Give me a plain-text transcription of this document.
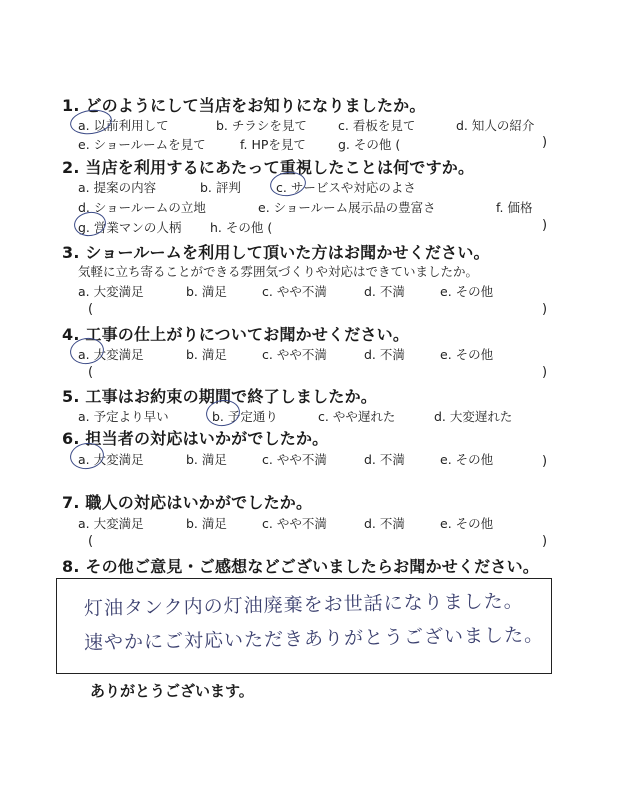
1. どのようにして当店をお知りになりましたか。
a. 以前利用して	b. チラシを見て c. 看板を見て	d. 知人の紹介
e. ショールームを見て	f. HPを見て	g. その他 (	)
2. 当店を利用するにあたって重視したことは何ですか。
a. 提案の内容	b. 評判	c. サービスや対応のよさ
d. ショールームの立地	e. ショールーム展示品の豊富さ	f. 価格
g. 営業マンの人柄 h. その他 (	)
3. ショールームを利用して頂いた方はお聞かせください。
気軽に立ち寄ることができる雰囲気づくりや対応はできていましたか。
a. 大変満足	b. 満足	c. やや不満	d. 不満	e. その他
(	)
4. 工事の仕上がりについてお聞かせください。
a. 大変満足	b. 満足	c. やや不満	d. 不満	e. その他
(	)
5. 工事はお約束の期間で終了しましたか。
a. 予定より早い	b. 予定通り	c. やや遅れた	d. 大変遅れた
6. 担当者の対応はいかがでしたか。
a. 大変満足	b. 満足	c. やや不満	d. 不満	e. その他	)
7. 職人の対応はいかがでしたか。
a. 大変満足	b. 満足	c. やや不満	d. 不満	e. その他
(	)
8. その他ご意見・ご感想などございましたらお聞かせください。
灯油タンク内の灯油廃棄をお世話になりました。
速やかにご対応いただきありがとうございました。
ありがとうございます。
